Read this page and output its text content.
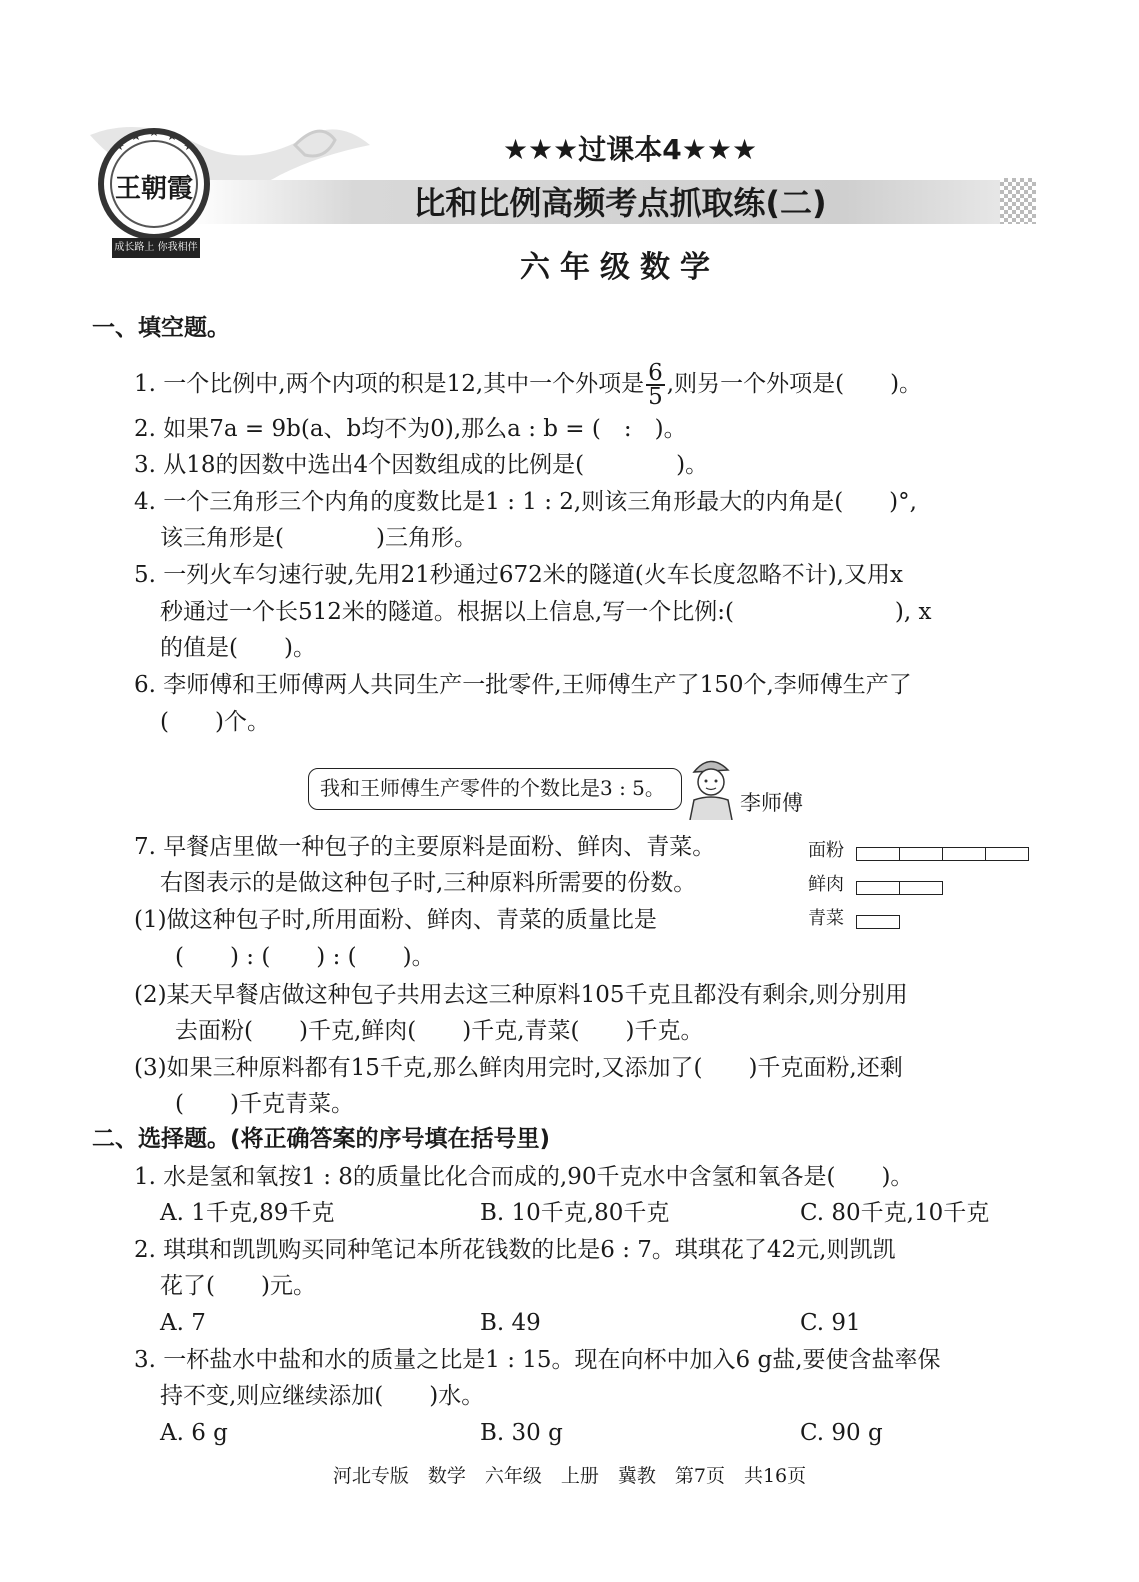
王朝霞
成长路上 你我相伴
★★★过课本4★★★
比和比例高频考点抓取练(二)
六年级数学
一、填空题。
1. 一个比例中,两个内项的积是12,其中一个外项是 $\frac{6}{5}$ ,则另一个外项是(　　)。
2. 如果7a = 9b(a、b均不为0),那么a : b = (　:　)。
3. 从18的因数中选出4个因数组成的比例是(　　　　)。
4. 一个三角形三个内角的度数比是1 : 1 : 2,则该三角形最大的内角是(　　)°,
该三角形是(　　　　)三角形。
5. 一列火车匀速行驶,先用21秒通过672米的隧道(火车长度忽略不计),又用x
秒通过一个长512米的隧道。根据以上信息,写一个比例:(　　　　　　　), x
的值是(　　)。
6. 李师傅和王师傅两人共同生产一批零件,王师傅生产了150个,李师傅生产了
(　　)个。
我和王师傅生产零件的个数比是3 : 5。
李师傅
7. 早餐店里做一种包子的主要原料是面粉、鲜肉、青菜。
右图表示的是做这种包子时,三种原料所需要的份数。
(1)做这种包子时,所用面粉、鲜肉、青菜的质量比是
(　　) : (　　) : (　　)。
面粉
鲜肉
青菜
(2)某天早餐店做这种包子共用去这三种原料105千克且都没有剩余,则分别用
去面粉(　　)千克,鲜肉(　　)千克,青菜(　　)千克。
(3)如果三种原料都有15千克,那么鲜肉用完时,又添加了(　　)千克面粉,还剩
(　　)千克青菜。
二、选择题。(将正确答案的序号填在括号里)
1. 水是氢和氧按1 : 8的质量比化合而成的,90千克水中含氢和氧各是(　　)。
A. 1千克,89千克	B. 10千克,80千克	C. 80千克,10千克
2. 琪琪和凯凯购买同种笔记本所花钱数的比是6 : 7。琪琪花了42元,则凯凯
花了(　　)元。
A. 7	B. 49	C. 91
3. 一杯盐水中盐和水的质量之比是1 : 15。现在向杯中加入6 g盐,要使含盐率保
持不变,则应继续添加(　　)水。
A. 6 g	B. 30 g	C. 90 g
河北专版　数学　六年级　上册　冀教　第7页　共16页
